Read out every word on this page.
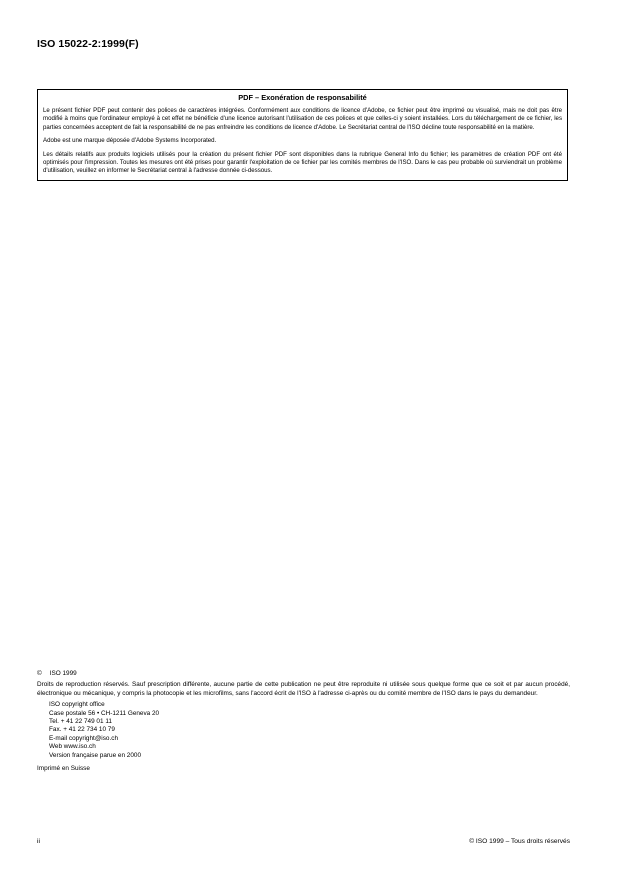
ISO 15022-2:1999(F)
PDF – Exonération de responsabilité

Le présent fichier PDF peut contenir des polices de caractères intégrées. Conformément aux conditions de licence d'Adobe, ce fichier peut être imprimé ou visualisé, mais ne doit pas être modifié à moins que l'ordinateur employé à cet effet ne bénéficie d'une licence autorisant l'utilisation de ces polices et que celles-ci y soient installées. Lors du téléchargement de ce fichier, les parties concernées acceptent de fait la responsabilité de ne pas enfreindre les conditions de licence d'Adobe. Le Secrétariat central de l'ISO décline toute responsabilité en la matière.

Adobe est une marque déposée d'Adobe Systems Incorporated.

Les détails relatifs aux produits logiciels utilisés pour la création du présent fichier PDF sont disponibles dans la rubrique General Info du fichier; les paramètres de création PDF ont été optimisés pour l'impression. Toutes les mesures ont été prises pour garantir l'exploitation de ce fichier par les comités membres de l'ISO. Dans le cas peu probable où surviendrait un problème d'utilisation, veuillez en informer le Secrétariat central à l'adresse donnée ci-dessous.

© ISO 1999

Droits de reproduction réservés. Sauf prescription différente, aucune partie de cette publication ne peut être reproduite ni utilisée sous quelque forme que ce soit et par aucun procédé, électronique ou mécanique, y compris la photocopie et les microfilms, sans l'accord écrit de l'ISO à l'adresse ci-après ou du comité membre de l'ISO dans le pays du demandeur.

ISO copyright office
Case postale 56 • CH-1211 Geneva 20
Tel. + 41 22 749 01 11
Fax. + 41 22 734 10 79
E-mail copyright@iso.ch
Web www.iso.ch
Version française parue en 2000
Imprimé en Suisse
ii	© ISO 1999 – Tous droits réservés
